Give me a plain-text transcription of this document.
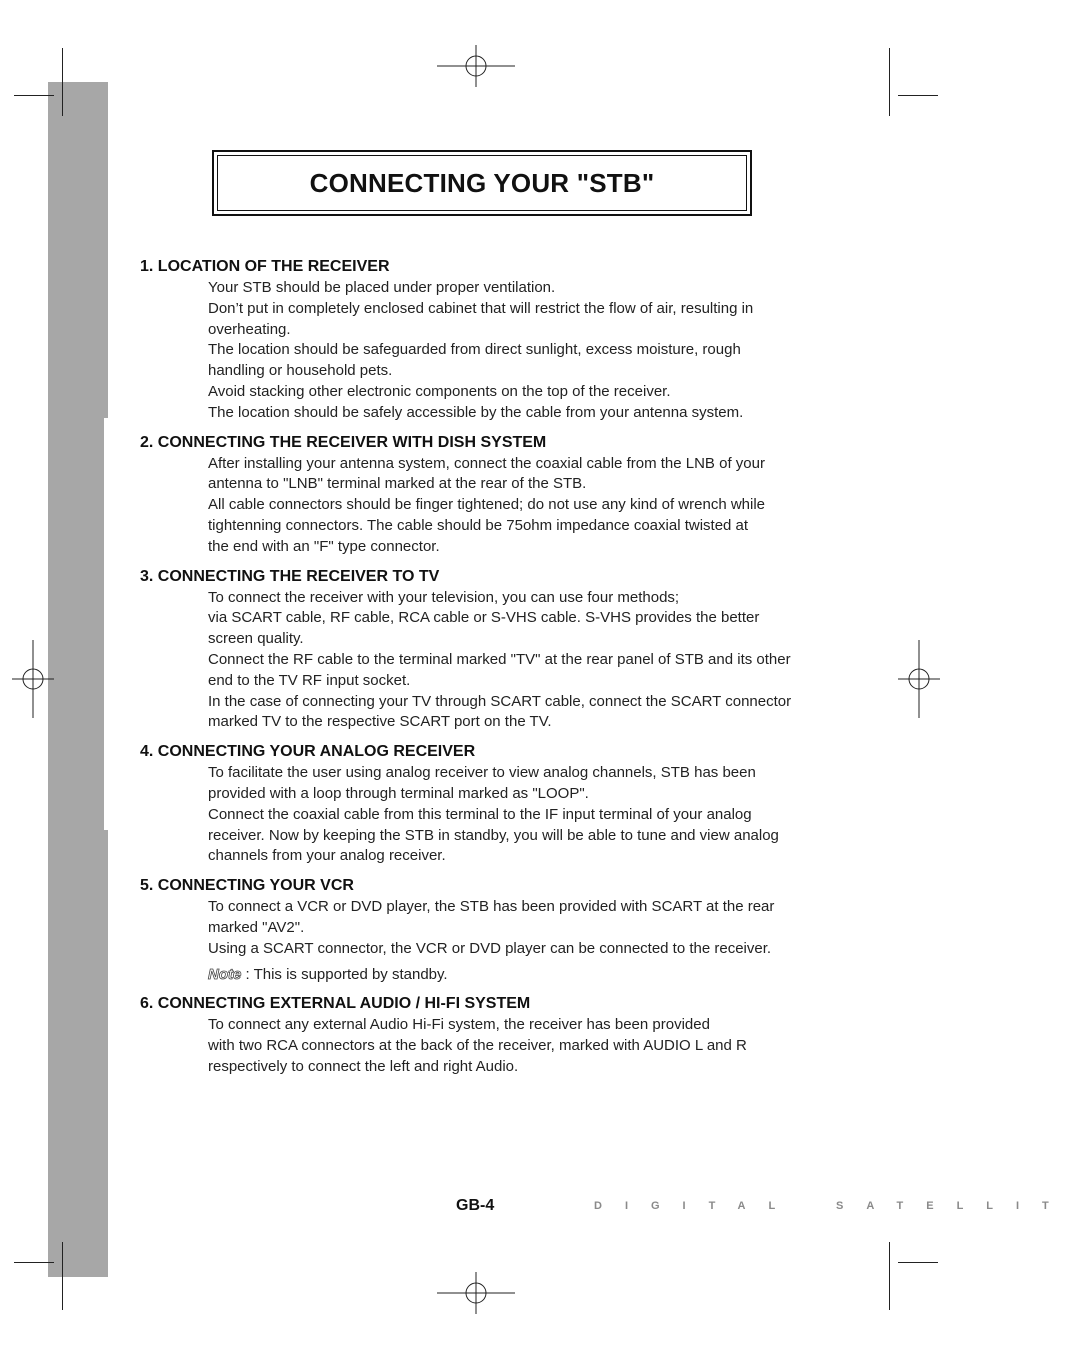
CONNECTING YOUR "STB"
1. LOCATION OF THE RECEIVER
Your STB should be placed under proper ventilation.
Don’t put in completely enclosed cabinet that will restrict the flow of air, resulting in
overheating.
The location should be safeguarded from direct sunlight, excess moisture, rough
handling or household pets.
Avoid stacking other electronic components on the top of the receiver.
The location should be safely accessible by the cable from your antenna system.
2. CONNECTING THE RECEIVER WITH DISH SYSTEM
After installing your antenna system, connect the coaxial cable from the LNB of your
antenna to "LNB" terminal marked at the rear of the STB.
All cable connectors should be finger tightened; do not use any kind of wrench while
tightenning connectors. The cable should be 75ohm impedance coaxial twisted at
the end with an "F" type connector.
3. CONNECTING THE RECEIVER TO TV
To connect the receiver with your television, you can use four methods;
via SCART cable, RF cable, RCA cable or S-VHS cable. S-VHS provides the better
screen quality.
Connect the RF cable to the terminal marked "TV" at the rear panel of STB and its other
end to the TV RF input socket.
In the case of connecting your TV through SCART cable, connect the SCART connector
marked TV to the respective SCART port on the TV.
4. CONNECTING YOUR ANALOG RECEIVER
To facilitate the user using analog receiver to view analog channels, STB has been
provided with a loop through terminal marked as "LOOP".
Connect the coaxial cable from this terminal to the IF input terminal of your analog
receiver. Now by keeping the STB in standby, you will be able to tune and view analog
channels from your analog receiver.
5. CONNECTING YOUR VCR
To connect a VCR or DVD player, the STB has been provided with SCART at the rear
marked "AV2".
Using a SCART connector, the VCR or DVD player can be connected to the receiver.
Note : This is supported by standby.
6. CONNECTING EXTERNAL AUDIO / HI-FI SYSTEM
To connect any external Audio Hi-Fi system, the receiver has been provided
with two RCA connectors at the back of the receiver, marked with AUDIO L and R
respectively to connect the left and right Audio.
GB-4	DIGITAL	SATELLIT
